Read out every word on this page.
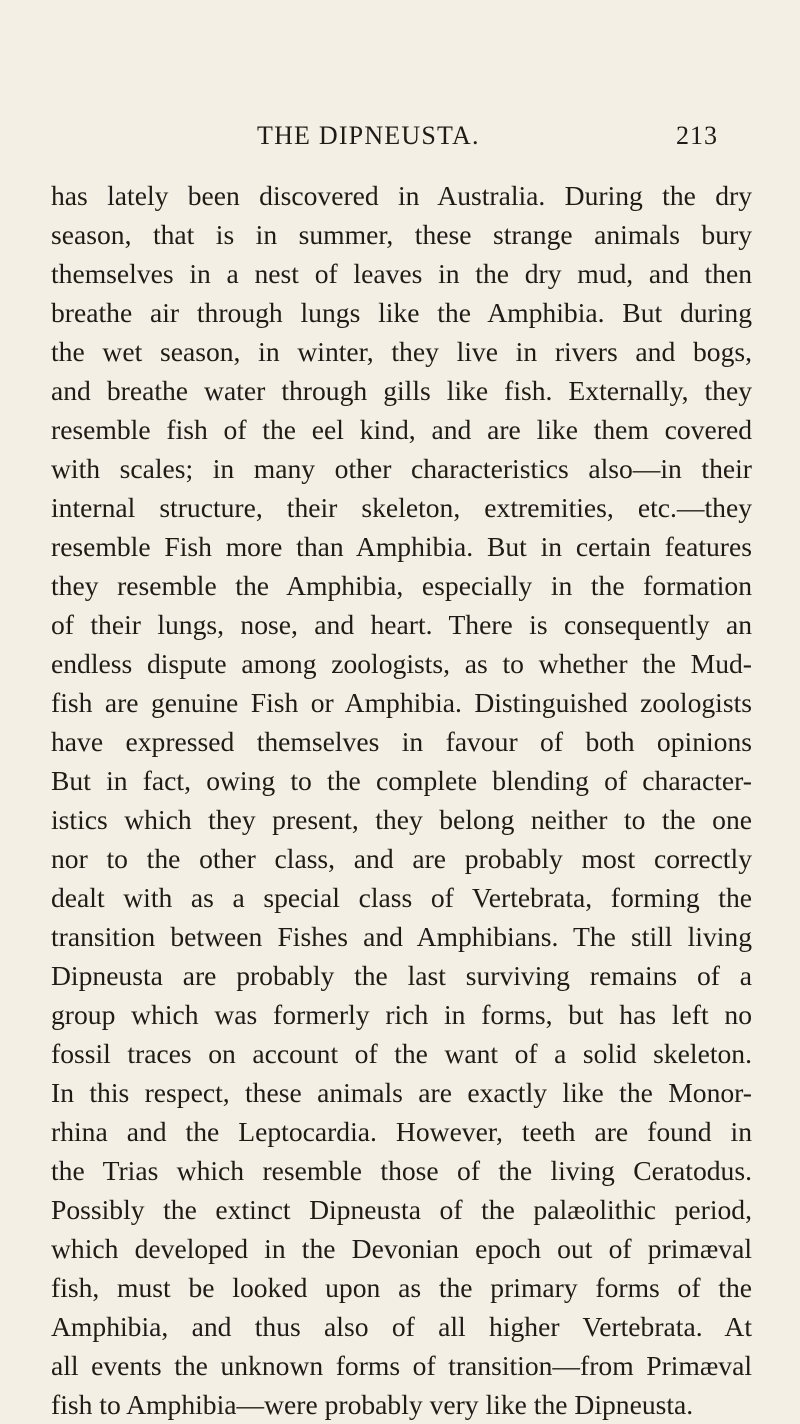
THE DIPNEUSTA.	213
has lately been discovered in Australia. During the dry
season, that is in summer, these strange animals bury
themselves in a nest of leaves in the dry mud, and then
breathe air through lungs like the Amphibia. But during
the wet season, in winter, they live in rivers and bogs,
and breathe water through gills like fish. Externally, they
resemble fish of the eel kind, and are like them covered
with scales; in many other characteristics also—in their
internal structure, their skeleton, extremities, etc.—they
resemble Fish more than Amphibia. But in certain features
they resemble the Amphibia, especially in the formation
of their lungs, nose, and heart. There is consequently an
endless dispute among zoologists, as to whether the Mud-
fish are genuine Fish or Amphibia. Distinguished zoologists
have expressed themselves in favour of both opinions
But in fact, owing to the complete blending of character-
istics which they present, they belong neither to the one
nor to the other class, and are probably most correctly
dealt with as a special class of Vertebrata, forming the
transition between Fishes and Amphibians. The still living
Dipneusta are probably the last surviving remains of a
group which was formerly rich in forms, but has left no
fossil traces on account of the want of a solid skeleton.
In this respect, these animals are exactly like the Monor-
rhina and the Leptocardia. However, teeth are found in
the Trias which resemble those of the living Ceratodus.
Possibly the extinct Dipneusta of the palæolithic period,
which developed in the Devonian epoch out of primæval
fish, must be looked upon as the primary forms of the
Amphibia, and thus also of all higher Vertebrata. At
all events the unknown forms of transition—from Primæval
fish to Amphibia—were probably very like the Dipneusta.
